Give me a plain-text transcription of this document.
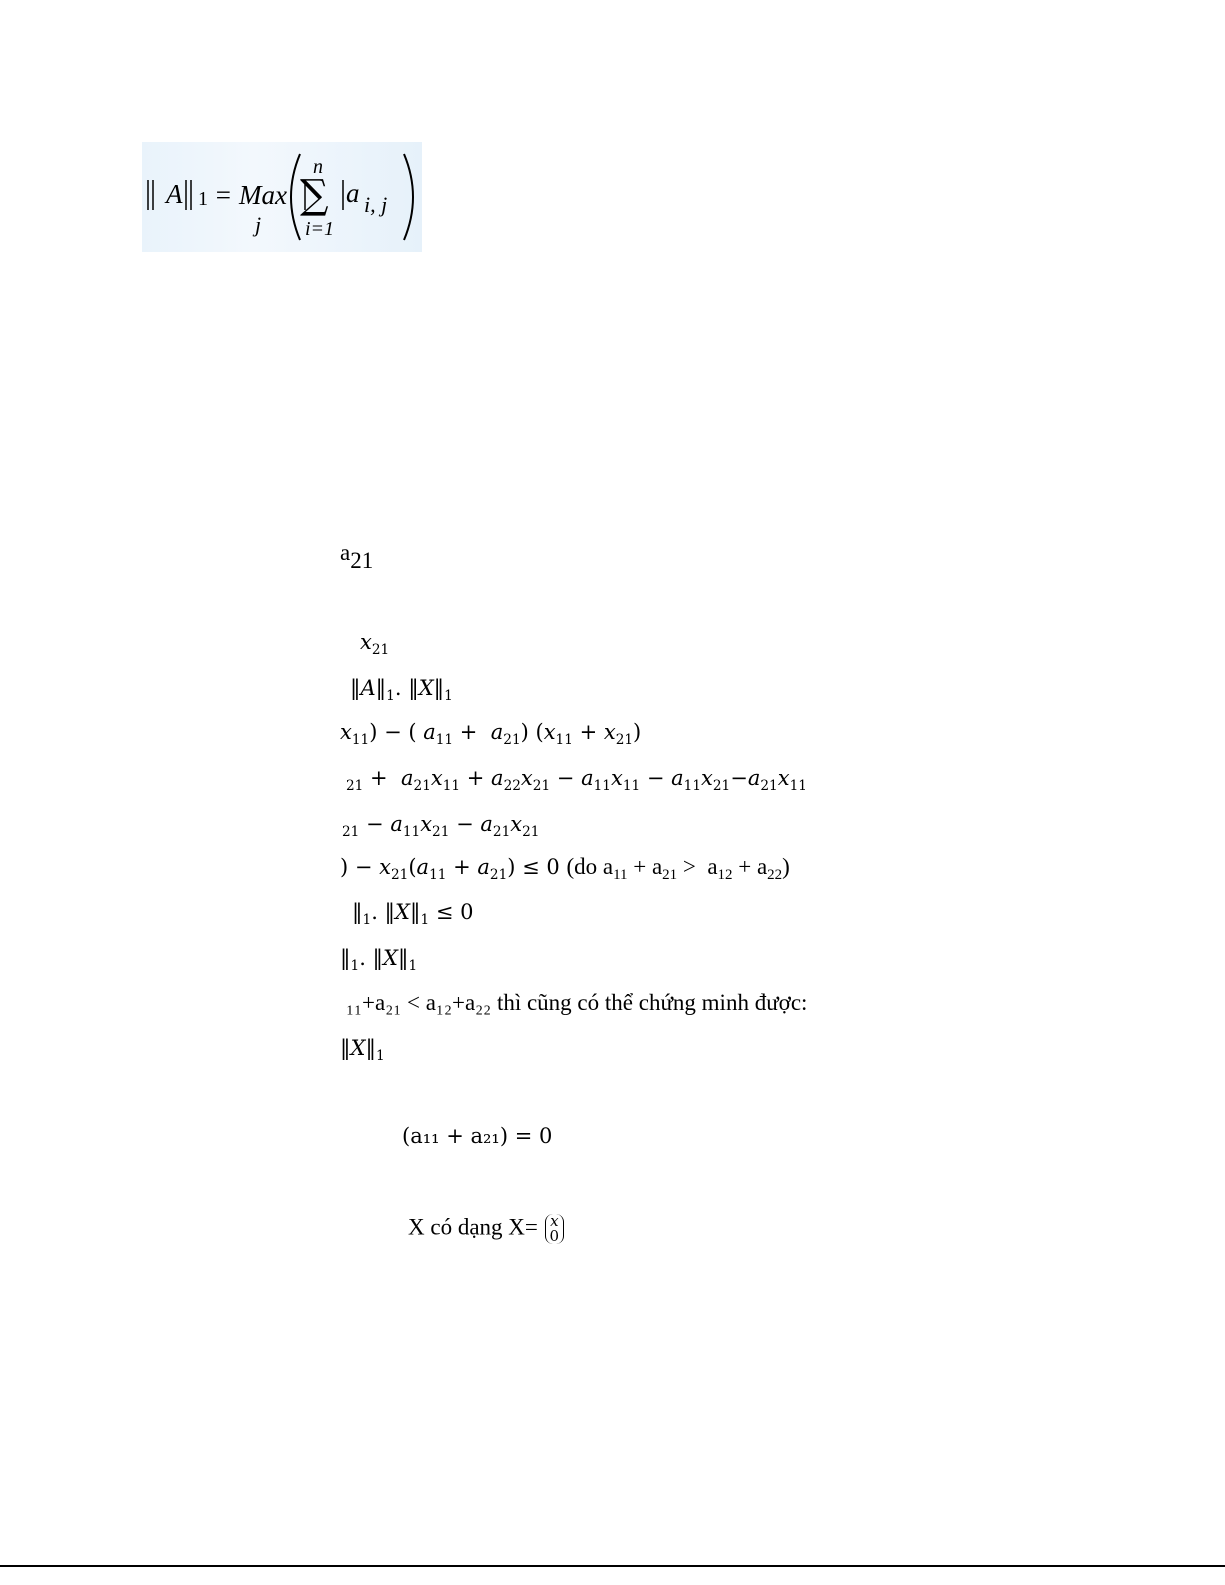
∑
A 1 = Max
j
n
i=1
a i, j
$a_{21}$
$x_{21}$
$‖A‖_1$. $‖X‖_1$
$x_{11}$) − ( $a_{11} + a_{21}$) $(x_{11} + x_{21})$
$_{21} + a_{21}x_{11} + a_{22}x_{21} - a_{11}x_{11} - a_{11}x_{21}-a_{21}x_{11}$
$_{21} - a_{11}x_{21} - a_{21}x_{21}$
) − $x_{21}(a_{11} + a_{21}) \le 0$ (do $a_{11} + a_{21} > a_{12} + a_{22}$)
$‖_1$. $‖X‖_1 \le 0$
$‖_1$. $‖X‖_1$
₁₁+a₂₁ < a₁₂+a₂₂ thì cũng có thể chứng minh được:
$‖X‖_1$
(a₁₁ + a₂₁) = 0
X có dạng X= x
0
